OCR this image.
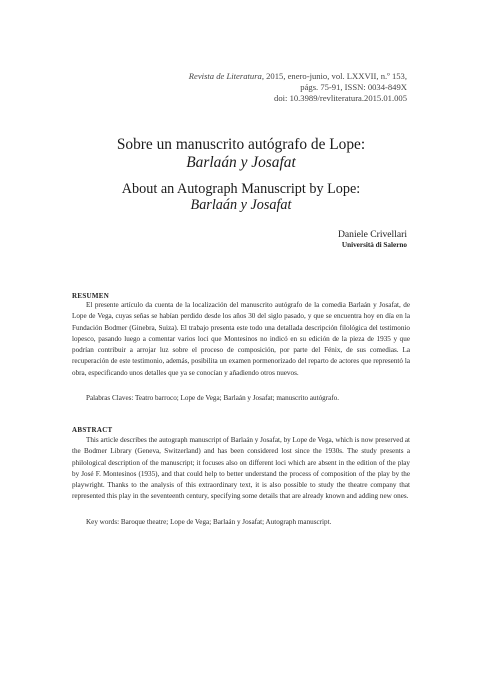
Revista de Literatura, 2015, enero-junio, vol. LXXVII, n.º 153,
págs. 75-91, ISSN: 0034-849X
doi: 10.3989/revliteratura.2015.01.005
Sobre un manuscrito autógrafo de Lope:
Barlaán y Josafat
About an Autograph Manuscript by Lope:
Barlaán y Josafat
Daniele Crivellari
Università di Salerno
RESUMEN
El presente artículo da cuenta de la localización del manuscrito autógrafo de la comedia Barlaán y Josafat, de Lope de Vega, cuyas señas se habían perdido desde los años 30 del siglo pasado, y que se encuentra hoy en día en la Fundación Bodmer (Ginebra, Suiza). El trabajo presenta este todo una detallada descripción filológica del testimonio lopesco, pasando luego a comentar varios loci que Montesinos no indicó en su edición de la pieza de 1935 y que podrían contribuir a arrojar luz sobre el proceso de composición, por parte del Fénix, de sus comedias. La recuperación de este testimonio, además, posibilita un examen pormenorizado del reparto de actores que representó la obra, especificando unos detalles que ya se conocían y añadiendo otros nuevos.
Palabras Claves: Teatro barroco; Lope de Vega; Barlaán y Josafat; manuscrito autógrafo.
ABSTRACT
This article describes the autograph manuscript of Barlaán y Josafat, by Lope de Vega, which is now preserved at the Bodmer Library (Geneva, Switzerland) and has been considered lost since the 1930s. The study presents a philological description of the manuscript; it focuses also on different loci which are absent in the edition of the play by José F. Montesinos (1935), and that could help to better understand the process of composition of the play by the playwright. Thanks to the analysis of this extraordinary text, it is also possible to study the theatre company that represented this play in the seventeenth century, specifying some details that are already known and adding new ones.
Key words: Baroque theatre; Lope de Vega; Barlaán y Josafat; Autograph manuscript.
